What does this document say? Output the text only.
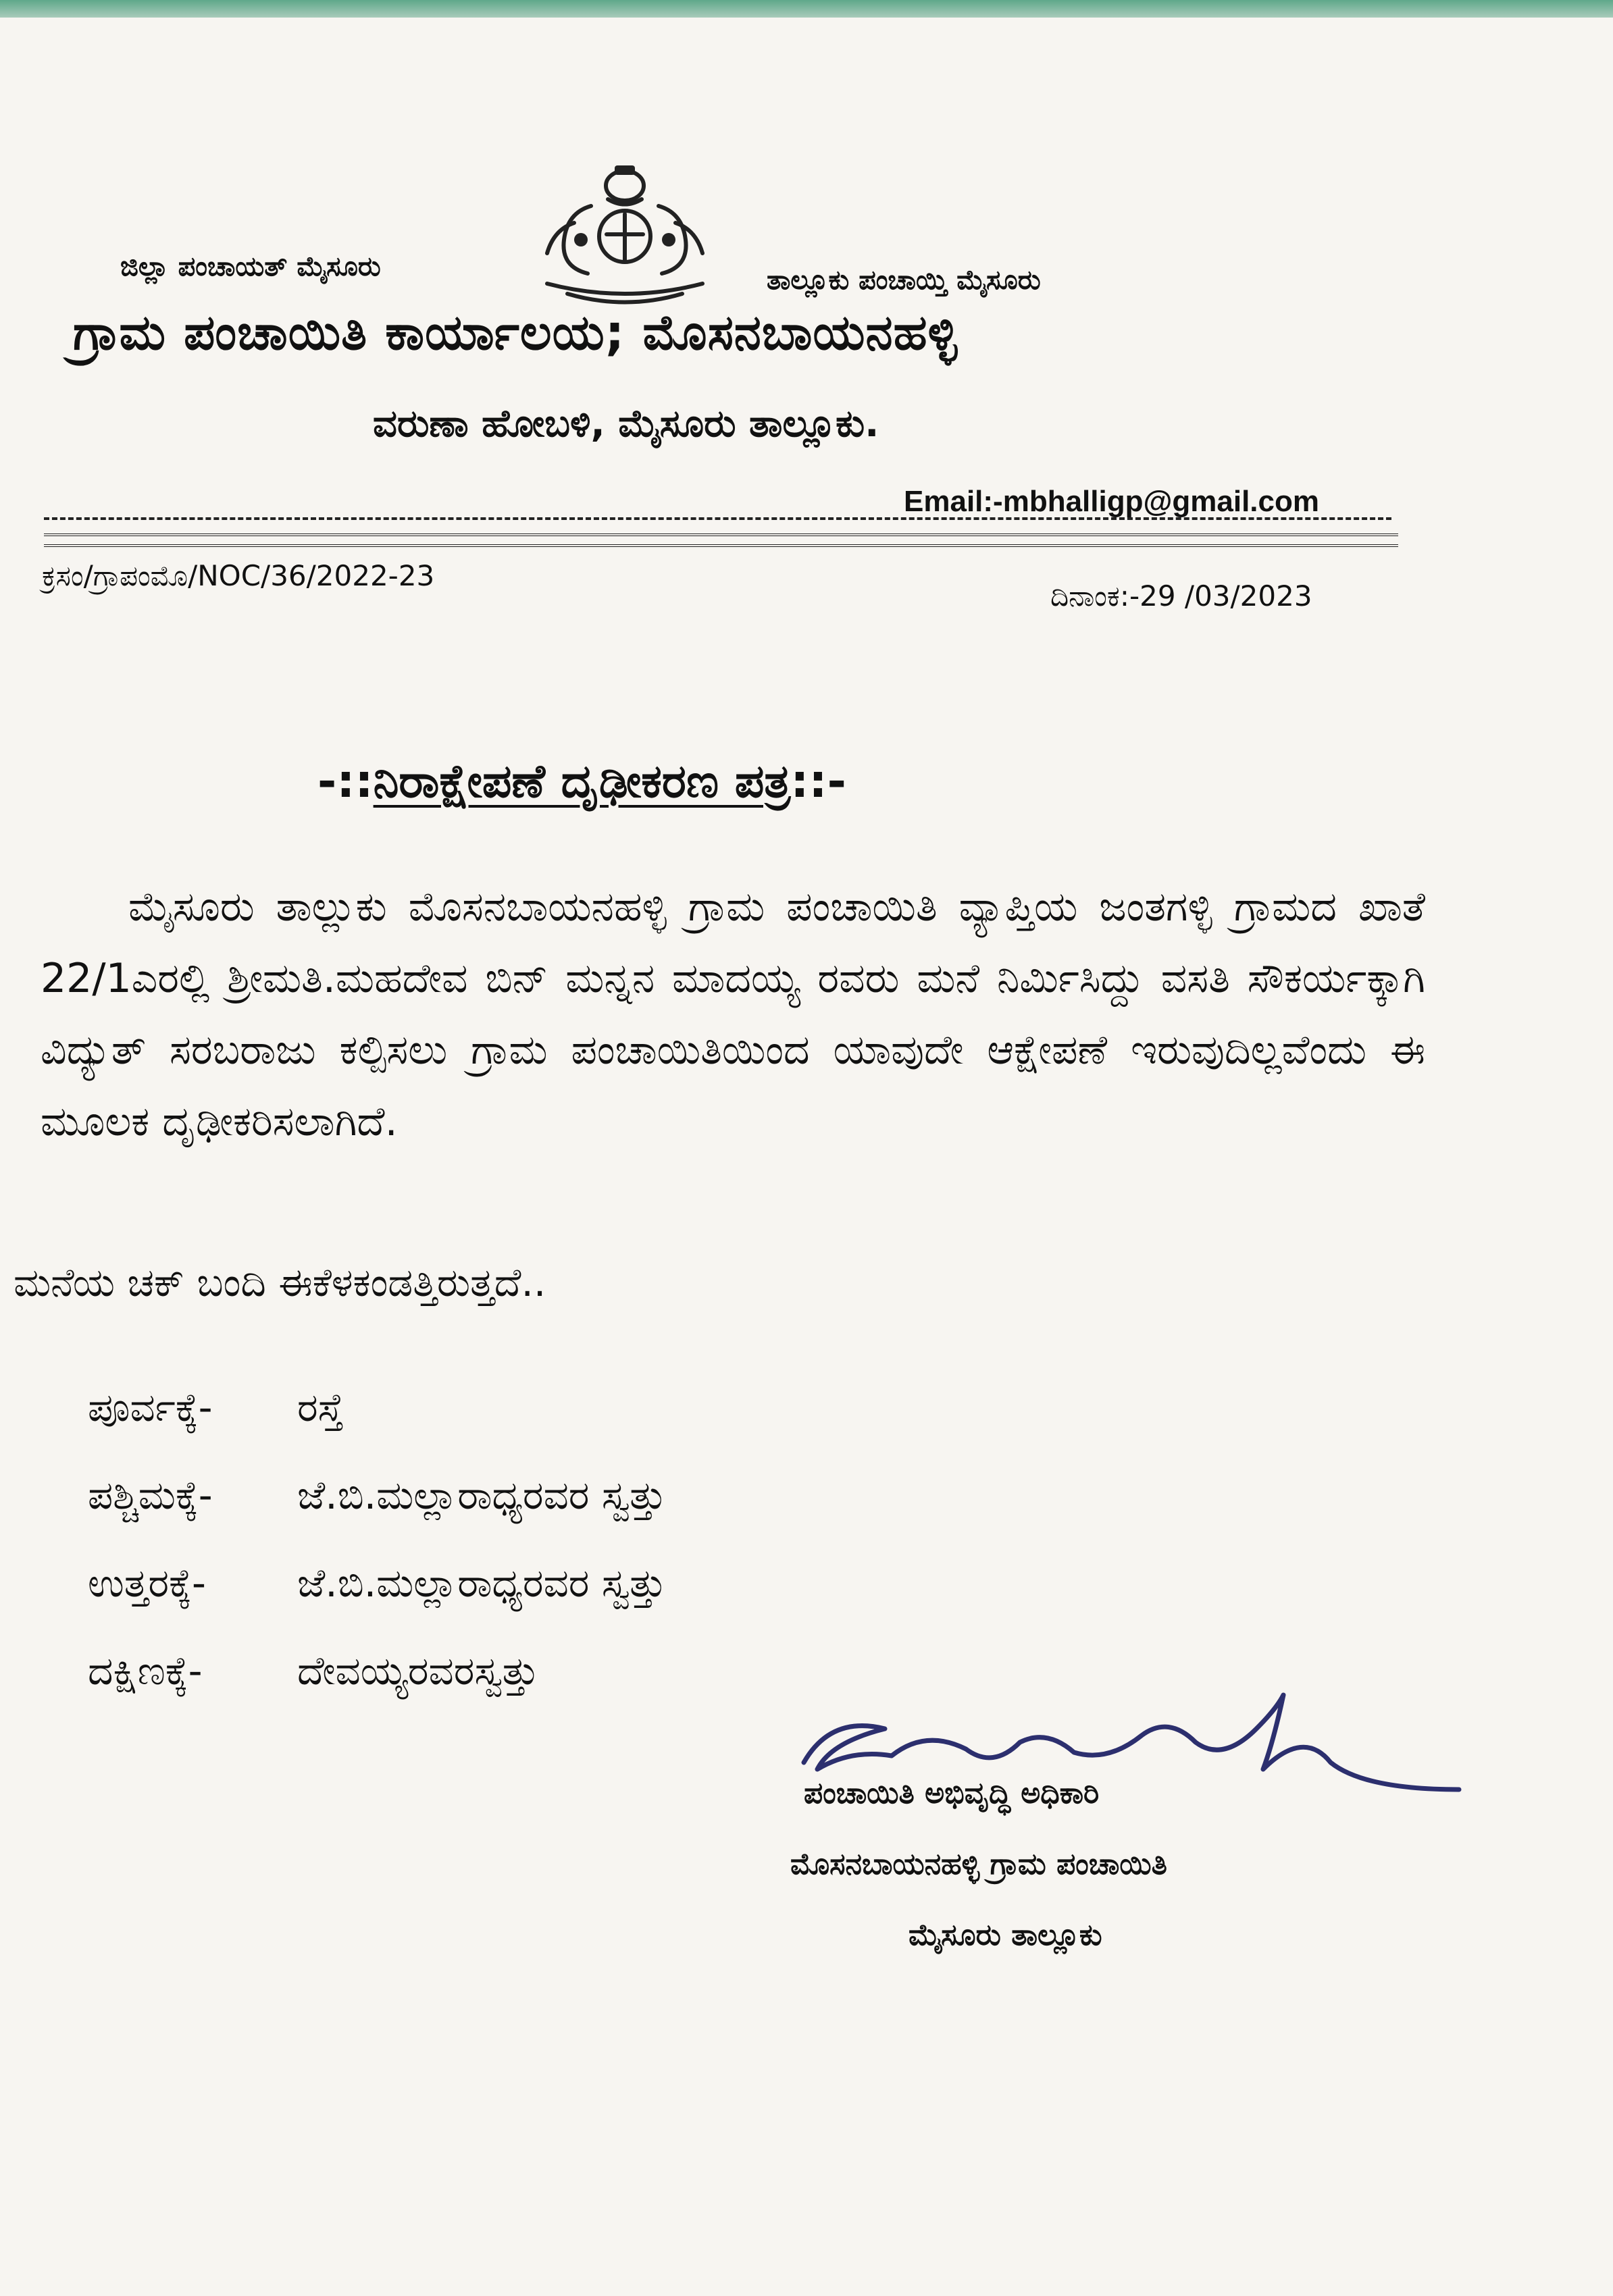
ಜಿಲ್ಲಾ ಪಂಚಾಯತ್ ಮೈಸೂರು	ತಾಲ್ಲೂಕು ಪಂಚಾಯ್ತಿ ಮೈಸೂರು
ಗ್ರಾಮ ಪಂಚಾಯಿತಿ ಕಾರ್ಯಾಲಯ; ಮೊಸನಬಾಯನಹಳ್ಳಿ
ವರುಣಾ ಹೋಬಳಿ, ಮೈಸೂರು ತಾಲ್ಲೂಕು.
Email:-mbhalligp@gmail.com
ಕ್ರಸಂ/ಗ್ರಾಪಂಮೊ/NOC/36/2022-23
ದಿನಾಂಕ:-29 /03/2023
-::ನಿರಾಕ್ಷೇಪಣೆ ದೃಢೀಕರಣ ಪತ್ರ::-
ಮೈಸೂರು ತಾಲ್ಲುಕು ಮೊಸನಬಾಯನಹಳ್ಳಿ ಗ್ರಾಮ ಪಂಚಾಯಿತಿ ವ್ಯಾಪ್ತಿಯ ಜಂತಗಳ್ಳಿ ಗ್ರಾಮದ ಖಾತೆ 22/1ಎರಲ್ಲಿ ಶ್ರೀಮತಿ.ಮಹದೇವ ಬಿನ್ ಮನ್ನನ ಮಾದಯ್ಯ ರವರು ಮನೆ ನಿರ್ಮಿಸಿದ್ದು ವಸತಿ ಸೌಕರ್ಯಕ್ಕಾಗಿ ವಿದ್ಯುತ್ ಸರಬರಾಜು ಕಲ್ಪಿಸಲು ಗ್ರಾಮ ಪಂಚಾಯಿತಿಯಿಂದ ಯಾವುದೇ ಆಕ್ಷೇಪಣೆ ಇರುವುದಿಲ್ಲವೆಂದು ಈ ಮೂಲಕ ದೃಢೀಕರಿಸಲಾಗಿದೆ.
ಮನೆಯ ಚಕ್ ಬಂದಿ ಈಕೆಳಕಂಡತ್ತಿರುತ್ತದೆ..
ಪೂರ್ವಕ್ಕೆ- ರಸ್ತೆ
ಪಶ್ಚಿಮಕ್ಕೆ- ಜೆ.ಬಿ.ಮಲ್ಲಾರಾಧ್ಯರವರ ಸ್ವತ್ತು
ಉತ್ತರಕ್ಕೆ- ಜೆ.ಬಿ.ಮಲ್ಲಾರಾಧ್ಯರವರ ಸ್ವತ್ತು
ದಕ್ಷಿಣಕ್ಕೆ- ದೇವಯ್ಯರವರಸ್ವತ್ತು
ಪಂಚಾಯಿತಿ ಅಭಿವೃದ್ಧಿ ಅಧಿಕಾರಿ
ಮೊಸನಬಾಯನಹಳ್ಳಿ ಗ್ರಾಮ ಪಂಚಾಯಿತಿ
ಮೈಸೂರು ತಾಲ್ಲೂಕು
